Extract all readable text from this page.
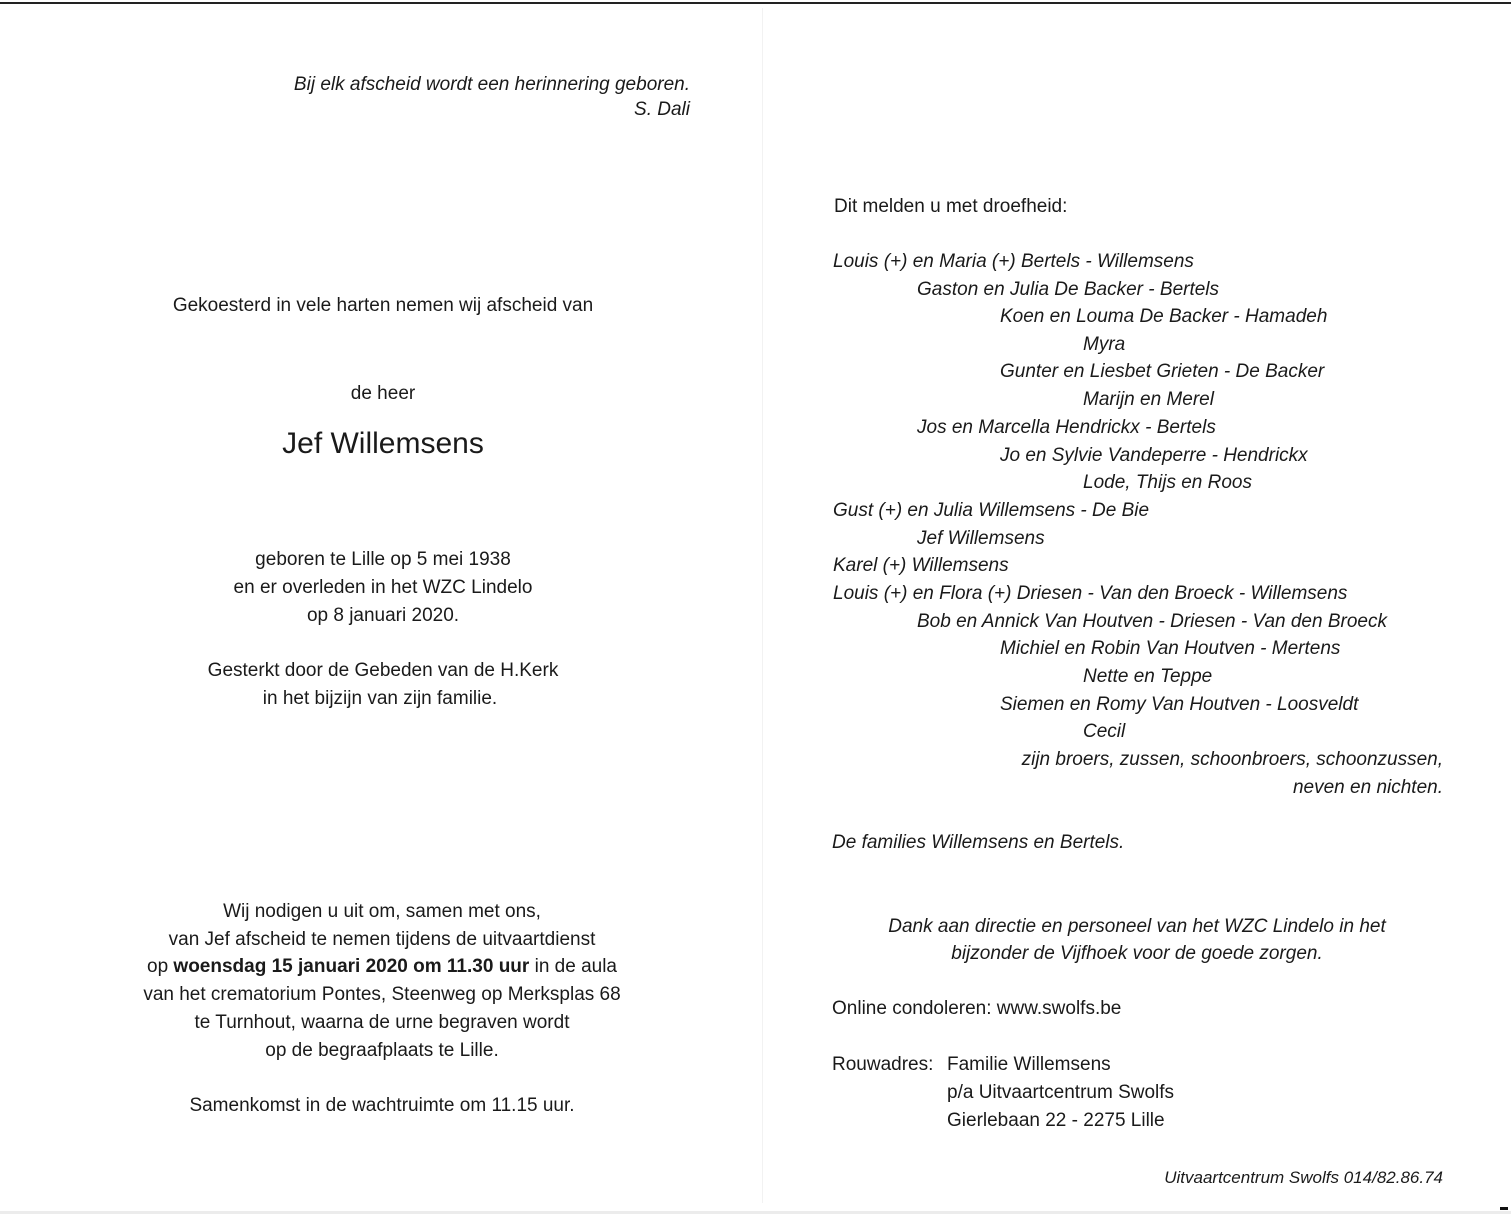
Bij elk afscheid wordt een herinnering geboren.
S. Dali
Gekoesterd in vele harten nemen wij afscheid van
de heer
Jef Willemsens
geboren te Lille op 5 mei 1938
en er overleden in het WZC Lindelo
op 8 januari 2020.
Gesterkt door de Gebeden van de H.Kerk
in het bijzijn van zijn familie.
Wij nodigen u uit om, samen met ons,
van Jef afscheid te nemen tijdens de uitvaartdienst
op woensdag 15 januari 2020 om 11.30 uur in de aula
van het crematorium Pontes, Steenweg op Merksplas 68
te Turnhout, waarna de urne begraven wordt
op de begraafplaats te Lille.
Samenkomst in de wachtruimte om 11.15 uur.
Dit melden u met droefheid:
Louis (+) en Maria (+) Bertels - Willemsens
Gaston en Julia De Backer - Bertels
Koen en Louma De Backer - Hamadeh
Myra
Gunter en Liesbet Grieten - De Backer
Marijn en Merel
Jos en Marcella Hendrickx - Bertels
Jo en Sylvie Vandeperre - Hendrickx
Lode, Thijs en Roos
Gust (+) en Julia Willemsens - De Bie
Jef Willemsens
Karel (+) Willemsens
Louis (+) en Flora (+) Driesen - Van den Broeck - Willemsens
Bob en Annick Van Houtven - Driesen - Van den Broeck
Michiel en Robin Van Houtven - Mertens
Nette en Teppe
Siemen en Romy Van Houtven - Loosveldt
Cecil
zijn broers, zussen, schoonbroers, schoonzussen,
neven en nichten.
De families Willemsens en Bertels.
Dank aan directie en personeel van het WZC Lindelo in het
bijzonder de Vijfhoek voor de goede zorgen.
Online condoleren: www.swolfs.be
Rouwadres: Familie Willemsens
p/a Uitvaartcentrum Swolfs
Gierlebaan 22 - 2275 Lille
Uitvaartcentrum Swolfs 014/82.86.74
